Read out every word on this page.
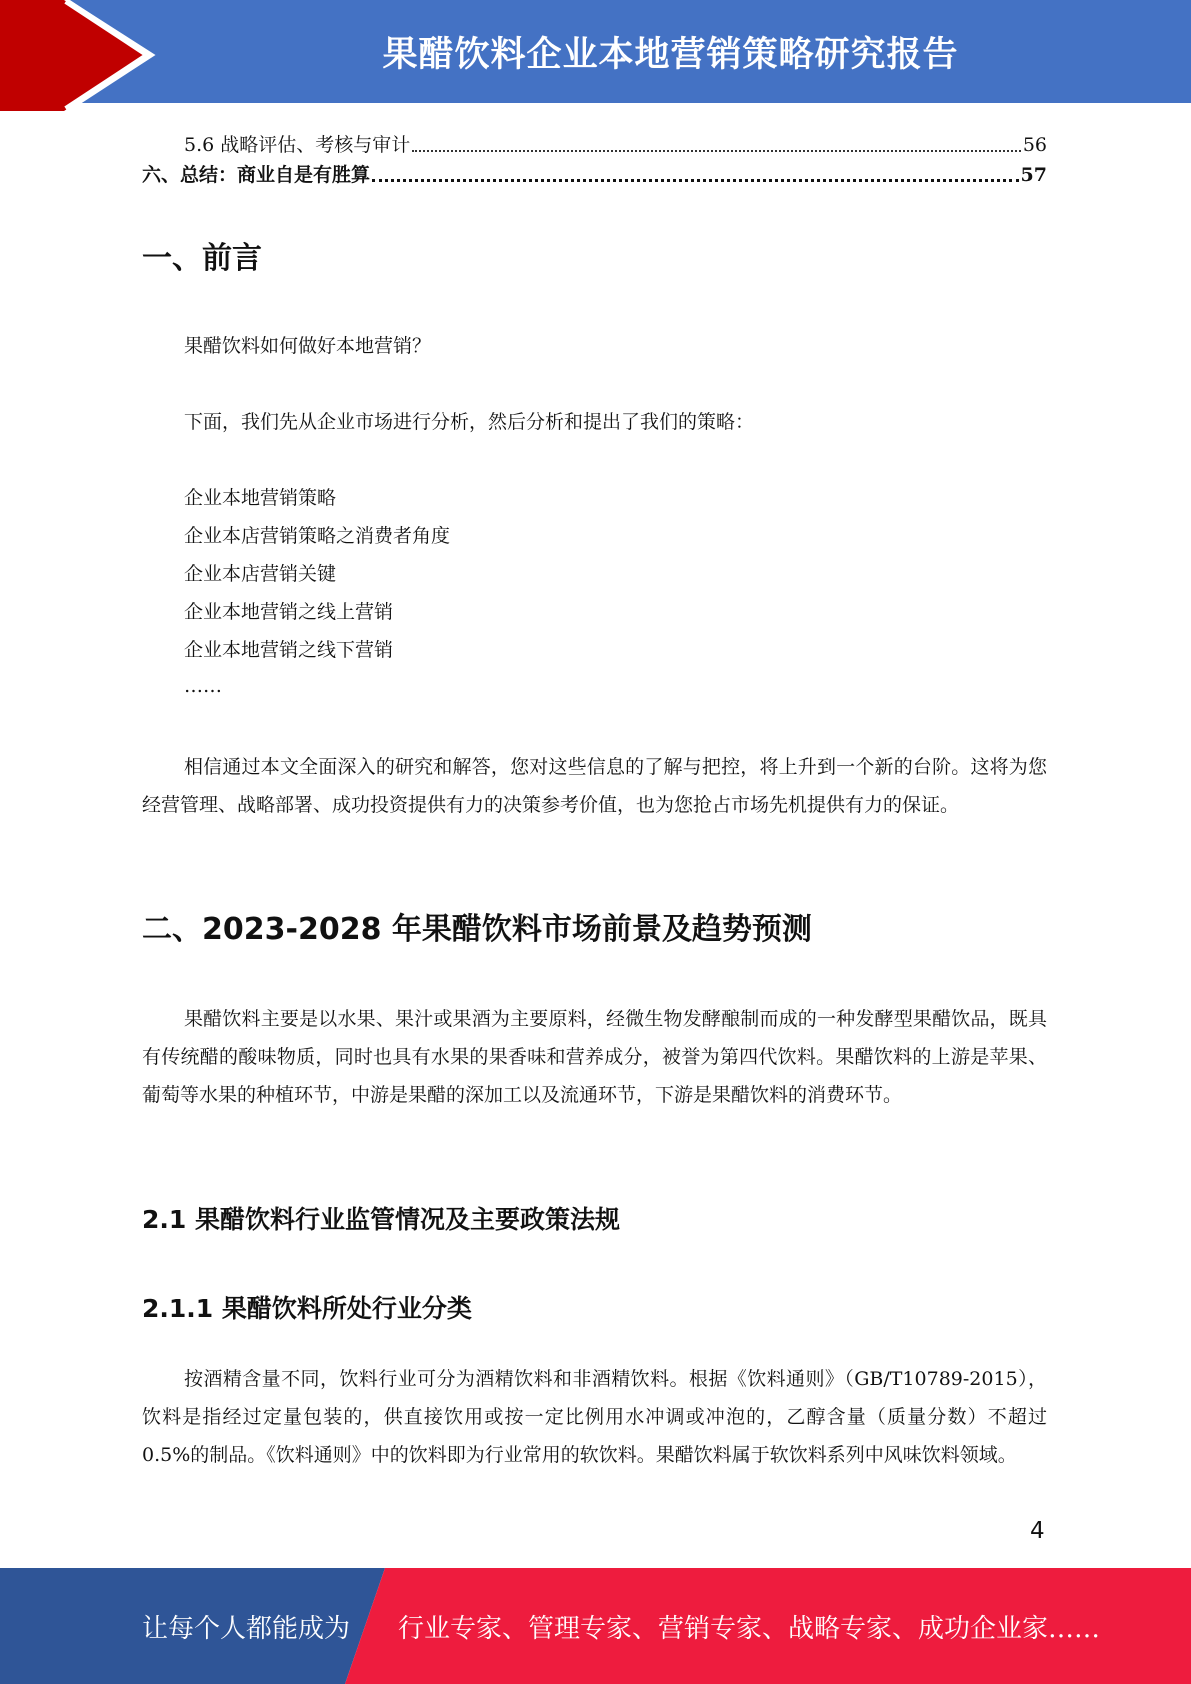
果醋饮料企业本地营销策略研究报告
5.6 战略评估、考核与审计	56
六、总结：商业自是有胜算	57
一、前言
果醋饮料如何做好本地营销？
下面，我们先从企业市场进行分析，然后分析和提出了我们的策略：
企业本地营销策略
企业本店营销策略之消费者角度
企业本店营销关键
企业本地营销之线上营销
企业本地营销之线下营销
……
相信通过本文全面深入的研究和解答，您对这些信息的了解与把控，将上升到一个新的台阶。这将为您经营管理、战略部署、成功投资提供有力的决策参考价值，也为您抢占市场先机提供有力的保证。
二、2023-2028 年果醋饮料市场前景及趋势预测
果醋饮料主要是以水果、果汁或果酒为主要原料，经微生物发酵酿制而成的一种发酵型果醋饮品，既具有传统醋的酸味物质，同时也具有水果的果香味和营养成分，被誉为第四代饮料。果醋饮料的上游是苹果、葡萄等水果的种植环节，中游是果醋的深加工以及流通环节，下游是果醋饮料的消费环节。
2.1 果醋饮料行业监管情况及主要政策法规
2.1.1 果醋饮料所处行业分类
按酒精含量不同，饮料行业可分为酒精饮料和非酒精饮料。根据《饮料通则》（GB/T10789-2015），饮料是指经过定量包装的，供直接饮用或按一定比例用水冲调或冲泡的，乙醇含量（质量分数）不超过 0.5%的制品。《饮料通则》中的饮料即为行业常用的软饮料。果醋饮料属于软饮料系列中风味饮料领域。
4
让每个人都能成为 行业专家、管理专家、营销专家、战略专家、成功企业家……
